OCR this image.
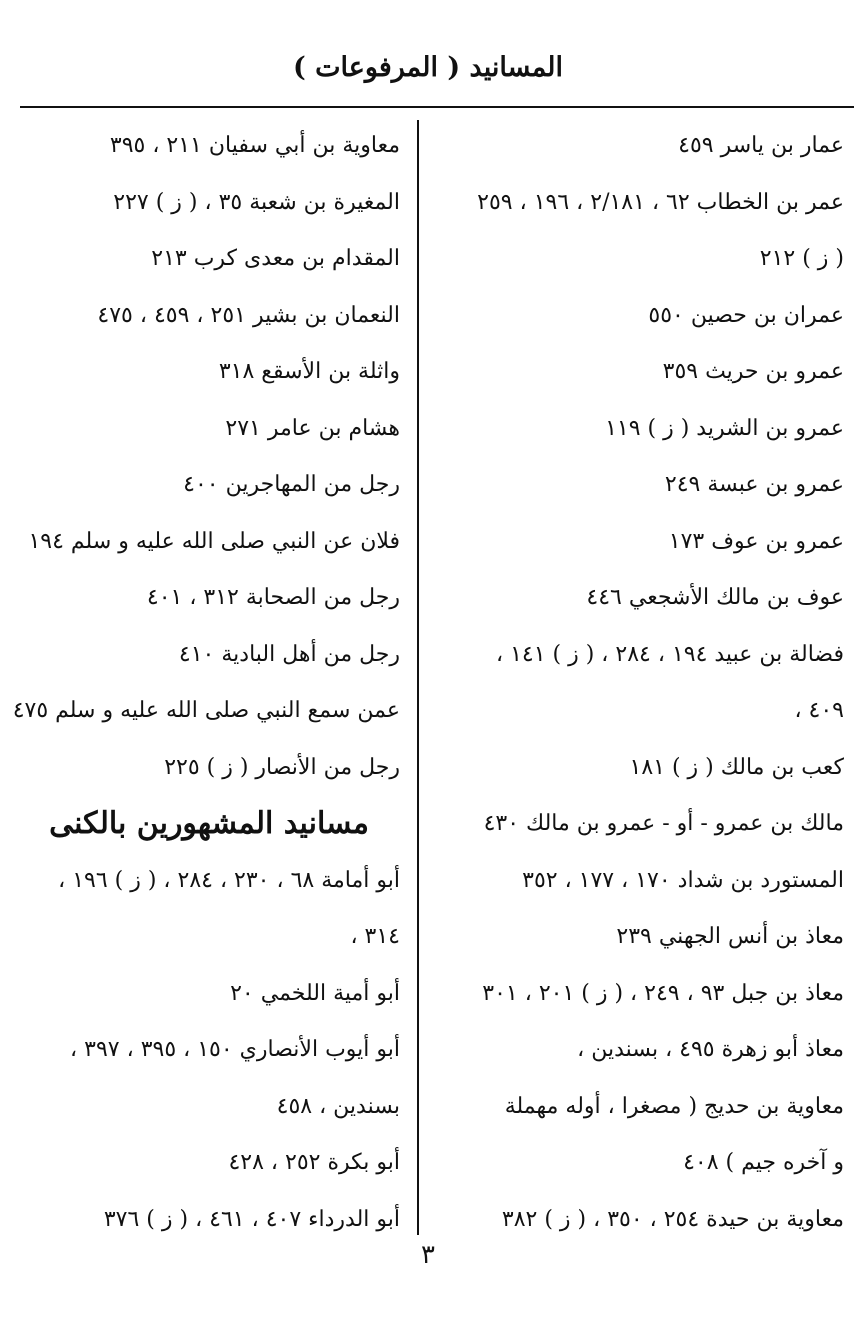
المسانيد ( المرفوعات )
عمار بن ياسر ٤٥٩
عمر بن الخطاب ٦٢ ، ٢/١٨١ ، ١٩٦ ، ٢٥٩
( ز ) ٢١٢
عمران بن حصين ٥٥٠
عمرو بن حريث ٣٥٩
عمرو بن الشريد ( ز ) ١١٩
عمرو بن عبسة ٢٤٩
عمرو بن عوف ١٧٣
عوف بن مالك الأشجعي ٤٤٦
فضالة بن عبيد ١٩٤ ، ٢٨٤ ، ( ز ) ١٤١ ،
٤٠٩ ،
كعب بن مالك ( ز ) ١٨١
مالك بن عمرو - أو - عمرو بن مالك ٤٣٠
المستورد بن شداد ١٧٠ ، ١٧٧ ، ٣٥٢
معاذ بن أنس الجهني ٢٣٩
معاذ بن جبل ٩٣ ، ٢٤٩ ، ( ز ) ٢٠١ ، ٣٠١
معاذ أبو زهرة ٤٩٥ ، بسندين ،
معاوية بن حديج ( مصغرا ، أوله مهملة
و آخره جيم ) ٤٠٨
معاوية بن حيدة ٢٥٤ ، ٣٥٠ ، ( ز ) ٣٨٢
معاوية بن أبي سفيان ٢١١ ، ٣٩٥
المغيرة بن شعبة ٣٥ ، ( ز ) ٢٢٧
المقدام بن معدى كرب ٢١٣
النعمان بن بشير ٢٥١ ، ٤٥٩ ، ٤٧٥
واثلة بن الأسقع ٣١٨
هشام بن عامر ٢٧١
رجل من المهاجرين ٤٠٠
فلان عن النبي صلى الله عليه و سلم ١٩٤
رجل من الصحابة ٣١٢ ، ٤٠١
رجل من أهل البادية ٤١٠
عمن سمع النبي صلى الله عليه و سلم ٤٧٥
رجل من الأنصار ( ز ) ٢٢٥
مسانيد المشهورين بالكنى
أبو أمامة ٦٨ ، ٢٣٠ ، ٢٨٤ ، ( ز ) ١٩٦ ،
٣١٤ ،
أبو أمية اللخمي ٢٠
أبو أيوب الأنصاري ١٥٠ ، ٣٩٥ ، ٣٩٧ ،
بسندين ، ٤٥٨
أبو بكرة ٢٥٢ ، ٤٢٨
أبو الدرداء ٤٠٧ ، ٤٦١ ، ( ز ) ٣٧٦
٣
